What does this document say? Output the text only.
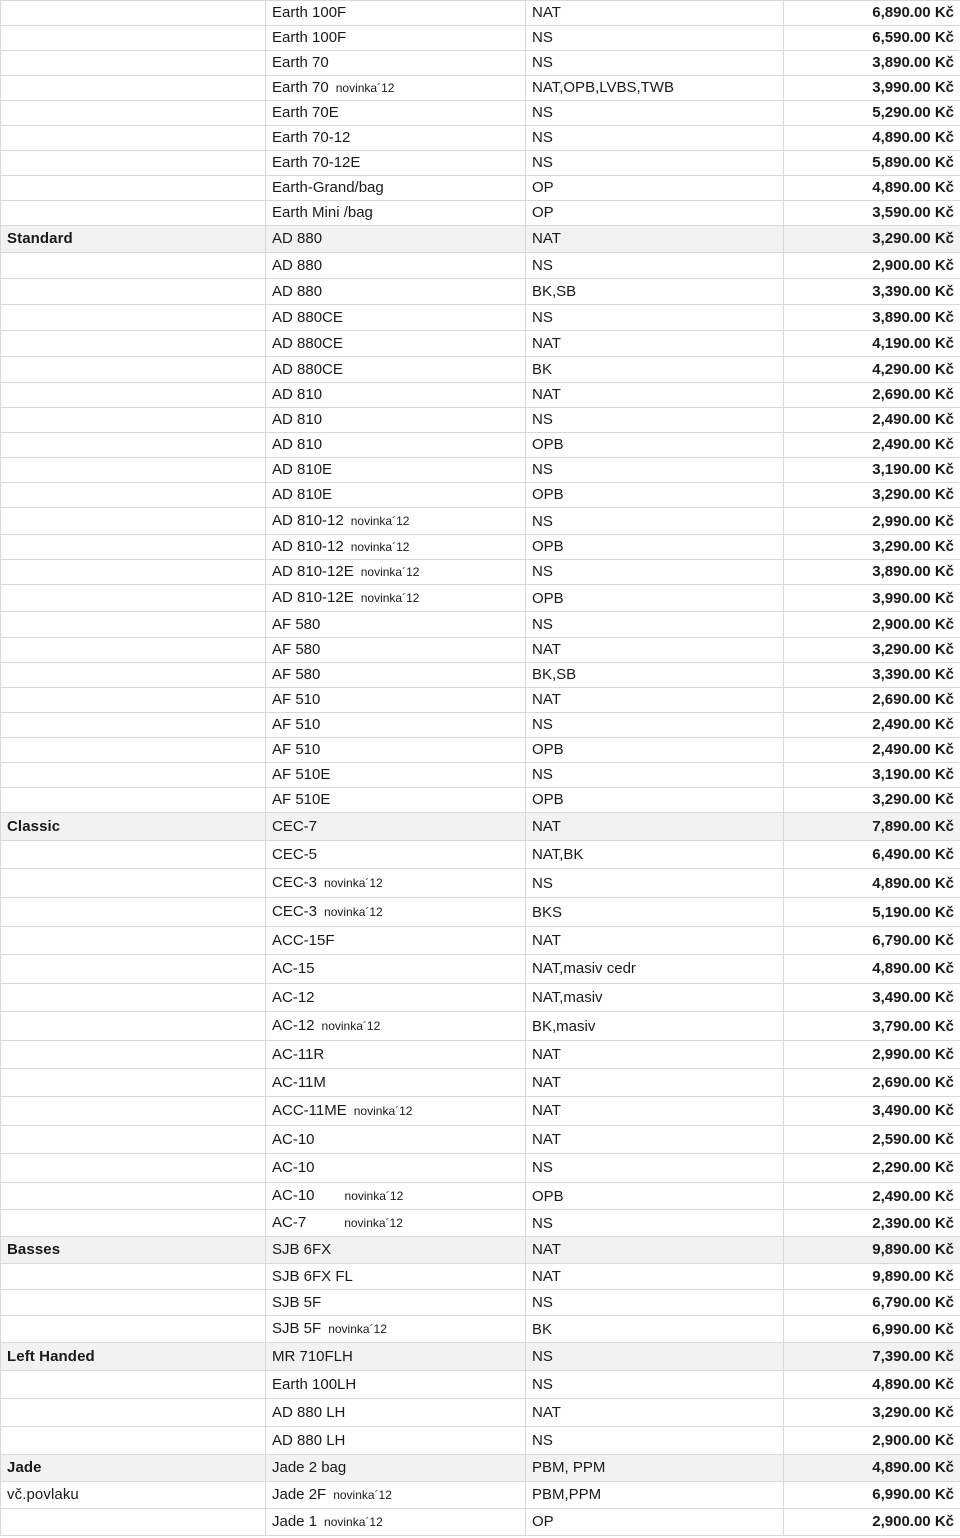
	Earth 100F	NAT	6,890.00 Kč
	Earth 100F	NS	6,590.00 Kč
	Earth 70	NS	3,890.00 Kč
	Earth 70 novinka´12	NAT,OPB,LVBS,TWB	3,990.00 Kč
	Earth 70E	NS	5,290.00 Kč
	Earth 70-12	NS	4,890.00 Kč
	Earth 70-12E	NS	5,890.00 Kč
	Earth-Grand/bag	OP	4,890.00 Kč
	Earth Mini /bag	OP	3,590.00 Kč
Standard	AD 880	NAT	3,290.00 Kč
	AD 880	NS	2,900.00 Kč
	AD 880	BK,SB	3,390.00 Kč
	AD 880CE	NS	3,890.00 Kč
	AD 880CE	NAT	4,190.00 Kč
	AD 880CE	BK	4,290.00 Kč
	AD 810	NAT	2,690.00 Kč
	AD 810	NS	2,490.00 Kč
	AD 810	OPB	2,490.00 Kč
	AD 810E	NS	3,190.00 Kč
	AD 810E	OPB	3,290.00 Kč
	AD 810-12 novinka´12	NS	2,990.00 Kč
	AD 810-12 novinka´12	OPB	3,290.00 Kč
	AD 810-12E novinka´12	NS	3,890.00 Kč
	AD 810-12E novinka´12	OPB	3,990.00 Kč
	AF 580	NS	2,900.00 Kč
	AF 580	NAT	3,290.00 Kč
	AF 580	BK,SB	3,390.00 Kč
	AF 510	NAT	2,690.00 Kč
	AF 510	NS	2,490.00 Kč
	AF 510	OPB	2,490.00 Kč
	AF 510E	NS	3,190.00 Kč
	AF 510E	OPB	3,290.00 Kč
Classic	CEC-7	NAT	7,890.00 Kč
	CEC-5	NAT,BK	6,490.00 Kč
	CEC-3 novinka´12	NS	4,890.00 Kč
	CEC-3 novinka´12	BKS	5,190.00 Kč
	ACC-15F	NAT	6,790.00 Kč
	AC-15	NAT,masiv cedr	4,890.00 Kč
	AC-12	NAT,masiv	3,490.00 Kč
	AC-12 novinka´12	BK,masiv	3,790.00 Kč
	AC-11R	NAT	2,990.00 Kč
	AC-11M	NAT	2,690.00 Kč
	ACC-11ME novinka´12	NAT	3,490.00 Kč
	AC-10	NAT	2,590.00 Kč
	AC-10	NS	2,290.00 Kč
	AC-10 novinka´12	OPB	2,490.00 Kč
	AC-7 novinka´12	NS	2,390.00 Kč
Basses	SJB 6FX	NAT	9,890.00 Kč
	SJB 6FX FL	NAT	9,890.00 Kč
	SJB 5F	NS	6,790.00 Kč
	SJB 5F novinka´12	BK	6,990.00 Kč
Left Handed	MR 710FLH	NS	7,390.00 Kč
	Earth 100LH	NS	4,890.00 Kč
	AD 880 LH	NAT	3,290.00 Kč
	AD 880 LH	NS	2,900.00 Kč
Jade	Jade 2 bag	PBM, PPM	4,890.00 Kč
vč.povlaku	Jade 2F novinka´12	PBM,PPM	6,990.00 Kč
	Jade 1 novinka´12	OP	2,900.00 Kč
